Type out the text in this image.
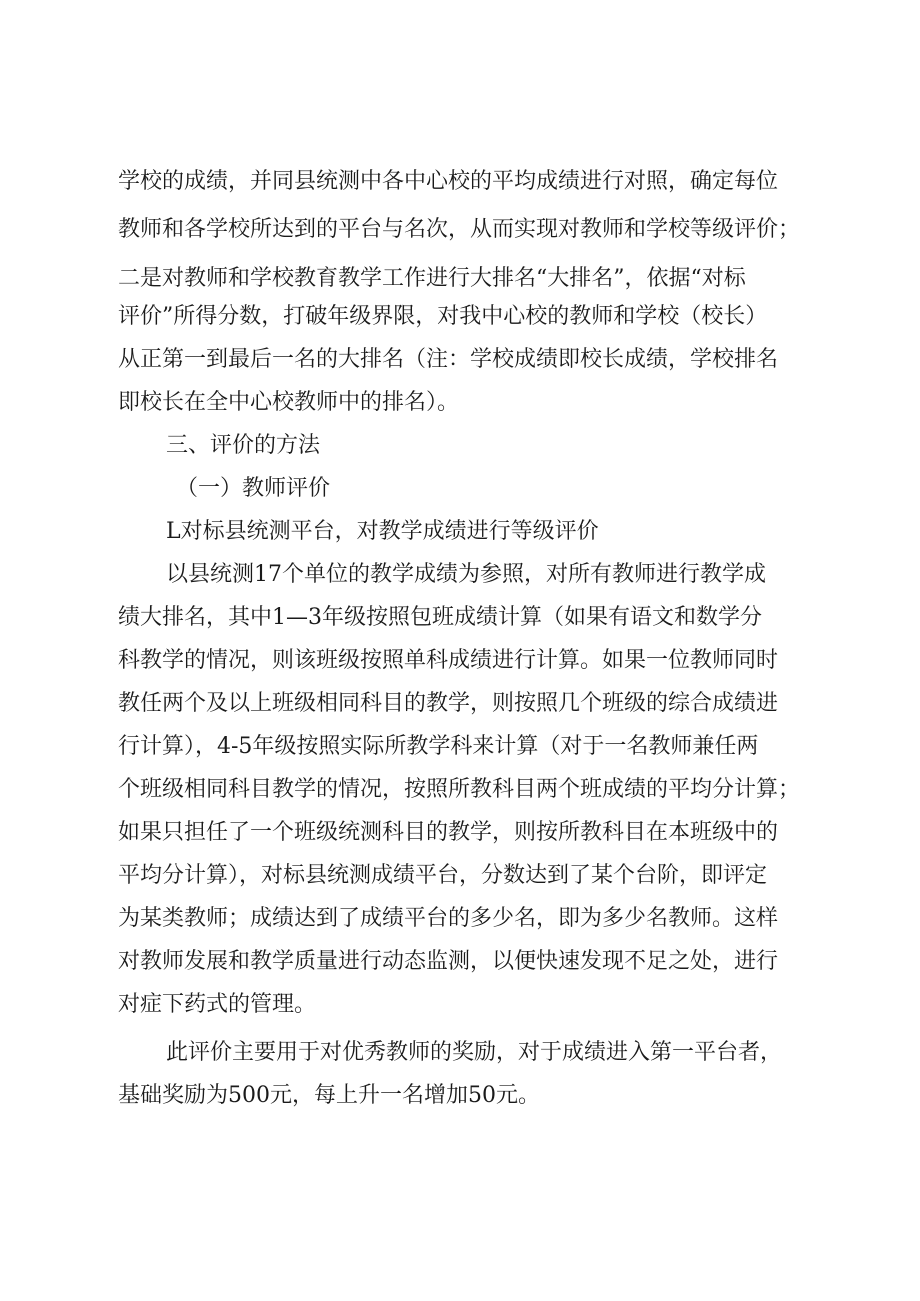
学校的成绩，并同县统测中各中心校的平均成绩进行对照，确定每位
教师和各学校所达到的平台与名次，从而实现对教师和学校等级评价；
二是对教师和学校教育教学工作进行大排名“大排名”，依据“对标
评价”所得分数，打破年级界限，对我中心校的教师和学校（校长）
从正第一到最后一名的大排名（注：学校成绩即校长成绩，学校排名
即校长在全中心校教师中的排名）。
三、评价的方法
（一）教师评价
L对标县统测平台，对教学成绩进行等级评价
以县统测17个单位的教学成绩为参照，对所有教师进行教学成
绩大排名，其中1—3年级按照包班成绩计算（如果有语文和数学分
科教学的情况，则该班级按照单科成绩进行计算。如果一位教师同时
教任两个及以上班级相同科目的教学，则按照几个班级的综合成绩进
行计算），4-5年级按照实际所教学科来计算（对于一名教师兼任两
个班级相同科目教学的情况，按照所教科目两个班成绩的平均分计算；
如果只担任了一个班级统测科目的教学，则按所教科目在本班级中的
平均分计算），对标县统测成绩平台，分数达到了某个台阶，即评定
为某类教师；成绩达到了成绩平台的多少名，即为多少名教师。这样
对教师发展和教学质量进行动态监测，以便快速发现不足之处，进行
对症下药式的管理。
此评价主要用于对优秀教师的奖励，对于成绩进入第一平台者，
基础奖励为500元，每上升一名增加50元。
